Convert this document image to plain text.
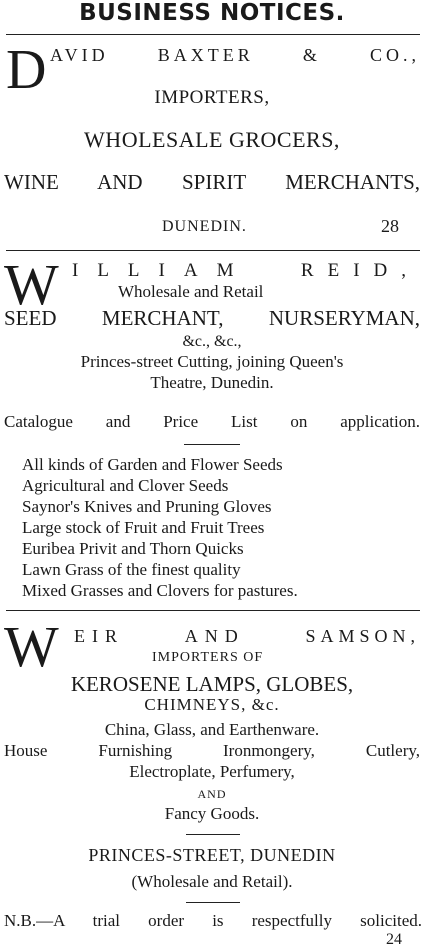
BUSINESS NOTICES.
D AVID	BAXTER	&	CO.,
IMPORTERS,
WHOLESALE GROCERS,
WINE AND SPIRIT MERCHANTS,
DUNEDIN.	28
W ILLIAM	REID,
Wholesale and Retail
SEED MERCHANT, NURSERYMAN,
&c., &c.,
Princes-street Cutting, joining Queen's
Theatre, Dunedin.
Catalogue and Price List on application.
All kinds of Garden and Flower Seeds
Agricultural and Clover Seeds
Saynor's Knives and Pruning Gloves
Large stock of Fruit and Fruit Trees
Euribea Privit and Thorn Quicks
Lawn Grass of the finest quality
Mixed Grasses and Clovers for pastures.
W EIR	AND	SAMSON,
IMPORTERS OF
KEROSENE LAMPS, GLOBES,
CHIMNEYS, &c.
China, Glass, and Earthenware.
House Furnishing Ironmongery, Cutlery,
Electroplate, Perfumery,
AND
Fancy Goods.
PRINCES-STREET, DUNEDIN
(Wholesale and Retail).
N.B.—A trial order is respectfully solicited.
24
